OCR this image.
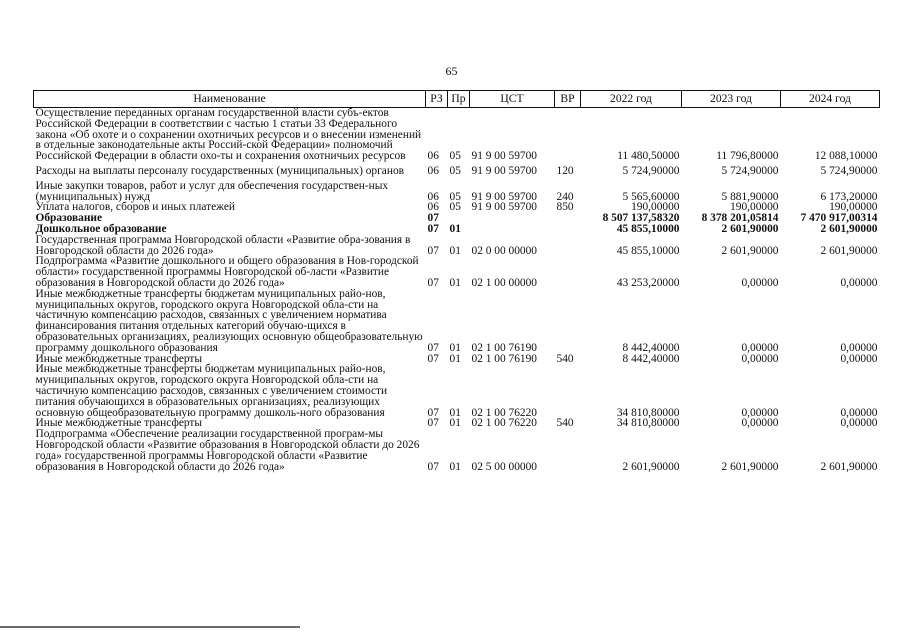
65
Наименование	РЗ	Пр	ЦСТ	ВР	2022 год	2023 год	2024 год
Осуществление переданных органам государственной власти субъ-ектов Российской Федерации в соответствии с частью 1 статьи 33 Федерального закона «Об охоте и о сохранении охотничьих ресурсов и о внесении изменений в отдельные законодательные акты Россий-ской Федерации» полномочий Российской Федерации в области охо-ты и сохранения охотничьих ресурсов	06	05	91 9 00 59700		11 480,50000	11 796,80000	12 088,10000
Расходы на выплаты персоналу государственных (муниципальных) органов	06	05	91 9 00 59700	120	5 724,90000	5 724,90000	5 724,90000
Иные закупки товаров, работ и услуг для обеспечения государствен-ных (муниципальных) нужд	06	05	91 9 00 59700	240	5 565,60000	5 881,90000	6 173,20000
Уплата налогов, сборов и иных платежей	06	05	91 9 00 59700	850	190,00000	190,00000	190,00000
Образование	07				8 507 137,58320	8 378 201,05814	7 470 917,00314
Дошкольное образование	07	01			45 855,10000	2 601,90000	2 601,90000
Государственная программа Новгородской области «Развитие обра-зования в Новгородской области до 2026 года»	07	01	02 0 00 00000		45 855,10000	2 601,90000	2 601,90000
Подпрограмма «Развитие дошкольного и общего образования в Нов-городской области» государственной программы Новгородской об-ласти «Развитие образования в Новгородской области до 2026 года»	07	01	02 1 00 00000		43 253,20000	0,00000	0,00000
Иные межбюджетные трансферты бюджетам муниципальных райо-нов, муниципальных округов, городского округа Новгородской обла-сти на частичную компенсацию расходов, связанных с увеличением норматива финансирования питания отдельных категорий обучаю-щихся в образовательных организациях, реализующих основную общеобразовательную программу дошкольного образования	07	01	02 1 00 76190		8 442,40000	0,00000	0,00000
Иные межбюджетные трансферты	07	01	02 1 00 76190	540	8 442,40000	0,00000	0,00000
Иные межбюджетные трансферты бюджетам муниципальных райо-нов, муниципальных округов, городского округа Новгородской обла-сти на частичную компенсацию расходов, связанных с увеличением стоимости питания обучающихся в образовательных организациях, реализующих основную общеобразовательную программу дошколь-ного образования	07	01	02 1 00 76220		34 810,80000	0,00000	0,00000
Иные межбюджетные трансферты	07	01	02 1 00 76220	540	34 810,80000	0,00000	0,00000
Подпрограмма «Обеспечение реализации государственной програм-мы Новгородской области «Развитие образования в Новгородской области до 2026 года» государственной программы Новгородской области «Развитие образования в Новгородской области до 2026 года»	07	01	02 5 00 00000		2 601,90000	2 601,90000	2 601,90000
